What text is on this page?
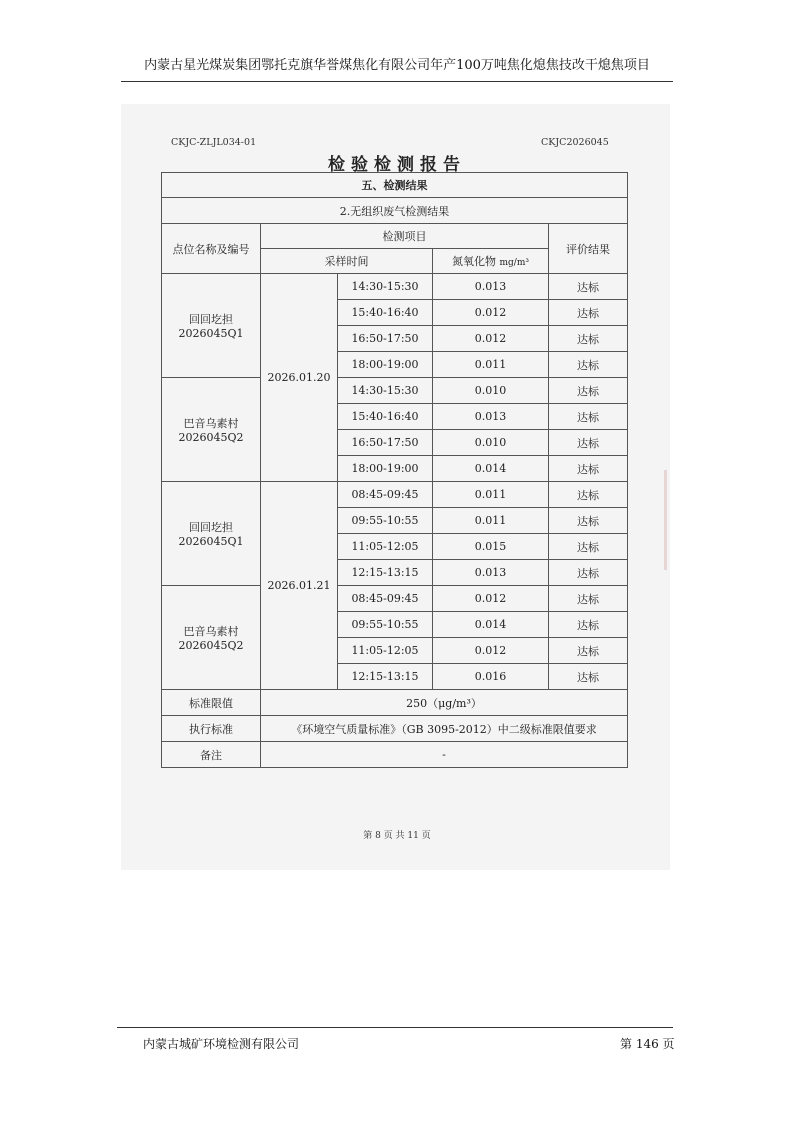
内蒙古星光煤炭集团鄂托克旗华誉煤焦化有限公司年产100万吨焦化熄焦技改干熄焦项目
CKJC-ZLJL034-01	CKJC2026045
检验检测报告
五、检测结果				
2.无组织废气检测结果				
点位名称及编号	检测项目			评价结果
	采样时间		氮氧化物 mg/m³	

回回圪担
2026045Q1	2026.01.20	14:30-15:30	0.013	达标
		15:40-16:40	0.012	达标
		16:50-17:50	0.012	达标
		18:00-19:00	0.011	达标

巴音乌素村
2026045Q2		14:30-15:30	0.010	达标
		15:40-16:40	0.013	达标
		16:50-17:50	0.010	达标
		18:00-19:00	0.014	达标

回回圪担
2026045Q1	2026.01.21	08:45-09:45	0.011	达标
		09:55-10:55	0.011	达标
		11:05-12:05	0.015	达标
		12:15-13:15	0.013	达标

巴音乌素村
2026045Q2		08:45-09:45	0.012	达标
		09:55-10:55	0.014	达标
		11:05-12:05	0.012	达标
		12:15-13:15	0.016	达标
标准限值	250（μg/m³）			
执行标准	《环境空气质量标准》（GB 3095-2012）中二级标准限值要求			
备注	-			
第 8 页 共 11 页
内蒙古城矿环境检测有限公司	第 146 页
